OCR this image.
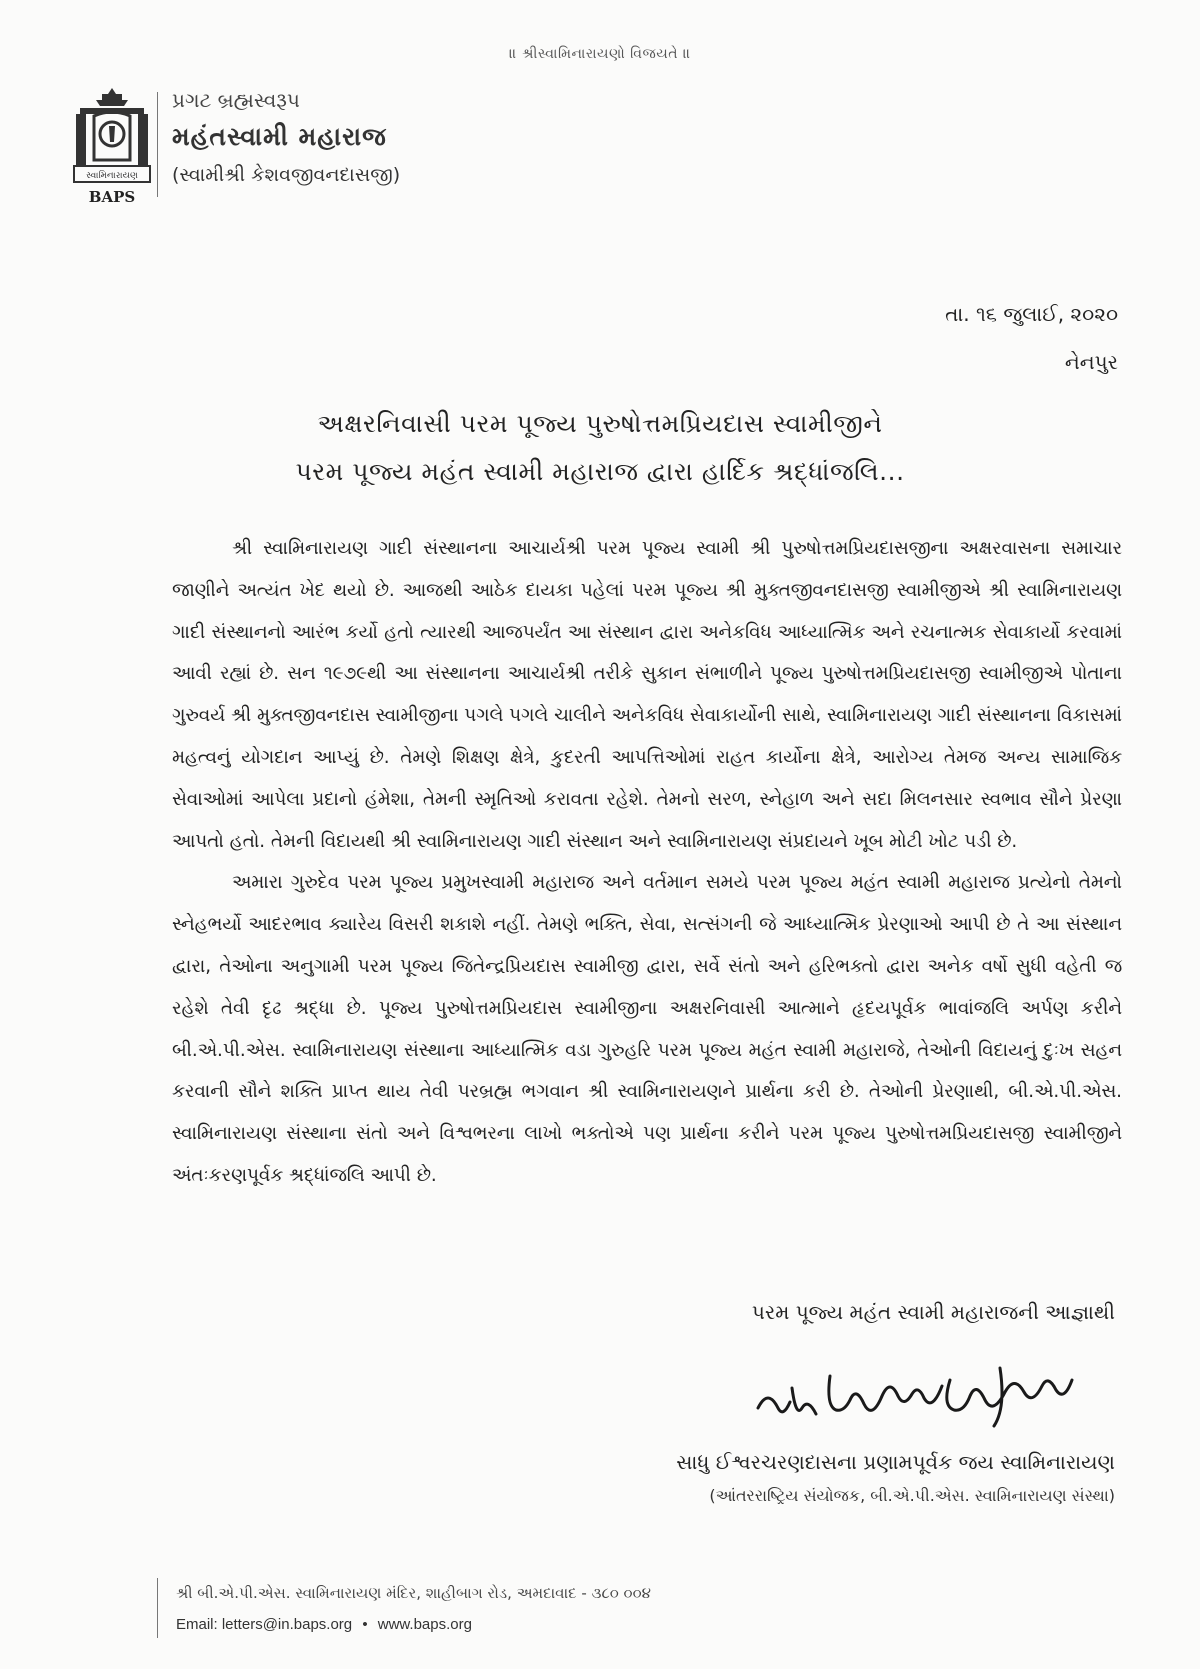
॥ શ્રીસ્વામિનારાયણો વિજયતે ॥
સ્વામિનારાયણ
BAPS
પ્રગટ બ્રહ્મસ્વરૂપ
મહંતસ્વામી મહારાજ
(સ્વામીશ્રી કેશવજીવનદાસજી)
તા. ૧૬ જુલાઈ, ૨૦૨૦
નેનપુર
અક્ષરનિવાસી પરમ પૂજ્ય પુરુષોત્તમપ્રિયદાસ સ્વામીજીને
પરમ પૂજ્ય મહંત સ્વામી મહારાજ દ્વારા હાર્દિક શ્રદ્ધાંજલિ...

શ્રી સ્વામિનારાયણ ગાદી સંસ્થાનના આચાર્યશ્રી પરમ પૂજ્ય સ્વામી શ્રી પુરુષોત્તમપ્રિયદાસજીના અક્ષરવાસના સમાચાર જાણીને અત્યંત ખેદ થયો છે. આજથી આઠેક દાયકા પહેલાં પરમ પૂજ્ય શ્રી મુક્તજીવનદાસજી સ્વામીજીએ શ્રી સ્વામિનારાયણ ગાદી સંસ્થાનનો આરંભ કર્યો હતો ત્યારથી આજપર્યંત આ સંસ્થાન દ્વારા અનેકવિધ આધ્યાત્મિક અને રચનાત્મક સેવાકાર્યો કરવામાં આવી રહ્યાં છે. સન ૧૯૭૯થી આ સંસ્થાનના આચાર્યશ્રી તરીકે સુકાન સંભાળીને પૂજ્ય પુરુષોત્તમપ્રિયદાસજી સ્વામીજીએ પોતાના ગુરુવર્ય શ્રી મુક્તજીવનદાસ સ્વામીજીના પગલે પગલે ચાલીને અનેકવિધ સેવાકાર્યોની સાથે, સ્વામિનારાયણ ગાદી સંસ્થાનના વિકાસમાં મહત્વનું યોગદાન આપ્યું છે. તેમણે શિક્ષણ ક્ષેત્રે, કુદરતી આપત્તિઓમાં રાહત કાર્યોના ક્ષેત્રે, આરોગ્ય તેમજ અન્ય સામાજિક સેવાઓમાં આપેલા પ્રદાનો હંમેશા, તેમની સ્મૃતિઓ કરાવતા રહેશે. તેમનો સરળ, સ્નેહાળ અને સદા મિલનસાર સ્વભાવ સૌને પ્રેરણા આપતો હતો. તેમની વિદાયથી શ્રી સ્વામિનારાયણ ગાદી સંસ્થાન અને સ્વામિનારાયણ સંપ્રદાયને ખૂબ મોટી ખોટ પડી છે.

અમારા ગુરુદેવ પરમ પૂજ્ય પ્રમુખસ્વામી મહારાજ અને વર્તમાન સમયે પરમ પૂજ્ય મહંત સ્વામી મહારાજ પ્રત્યેનો તેમનો સ્નેહભર્યો આદરભાવ ક્યારેય વિસરી શકાશે નહીં. તેમણે ભક્તિ, સેવા, સત્સંગની જે આધ્યાત્મિક પ્રેરણાઓ આપી છે તે આ સંસ્થાન દ્વારા, તેઓના અનુગામી પરમ પૂજ્ય જિતેન્દ્રપ્રિયદાસ સ્વામીજી દ્વારા, સર્વે સંતો અને હરિભક્તો દ્વારા અનેક વર્ષો સુધી વહેતી જ રહેશે તેવી દૃઢ શ્રદ્ધા છે. પૂજ્ય પુરુષોત્તમપ્રિયદાસ સ્વામીજીના અક્ષરનિવાસી આત્માને હૃદયપૂર્વક ભાવાંજલિ અર્પણ કરીને બી.એ.પી.એસ. સ્વામિનારાયણ સંસ્થાના આધ્યાત્મિક વડા ગુરુહરિ પરમ પૂજ્ય મહંત સ્વામી મહારાજે, તેઓની વિદાયનું દુઃખ સહન કરવાની સૌને શક્તિ પ્રાપ્ત થાય તેવી પરબ્રહ્મ ભગવાન શ્રી સ્વામિનારાયણને પ્રાર્થના કરી છે. તેઓની પ્રેરણાથી, બી.એ.પી.એસ. સ્વામિનારાયણ સંસ્થાના સંતો અને વિશ્વભરના લાખો ભક્તોએ પણ પ્રાર્થના કરીને પરમ પૂજ્ય પુરુષોત્તમપ્રિયદાસજી સ્વામીજીને અંતઃકરણપૂર્વક શ્રદ્ધાંજલિ આપી છે.

પરમ પૂજ્ય મહંત સ્વામી મહારાજની આજ્ઞાથી
સાધુ ઈશ્વરચરણદાસના પ્રણામપૂર્વક જય સ્વામિનારાયણ
(આંતરરાષ્ટ્રિય સંયોજક, બી.એ.પી.એસ. સ્વામિનારાયણ સંસ્થા)
શ્રી બી.એ.પી.એસ. સ્વામિનારાયણ મંદિર, શાહીબાગ રોડ, અમદાવાદ - ૩૮૦ ૦૦૪
Email: letters@in.baps.org • www.baps.org
